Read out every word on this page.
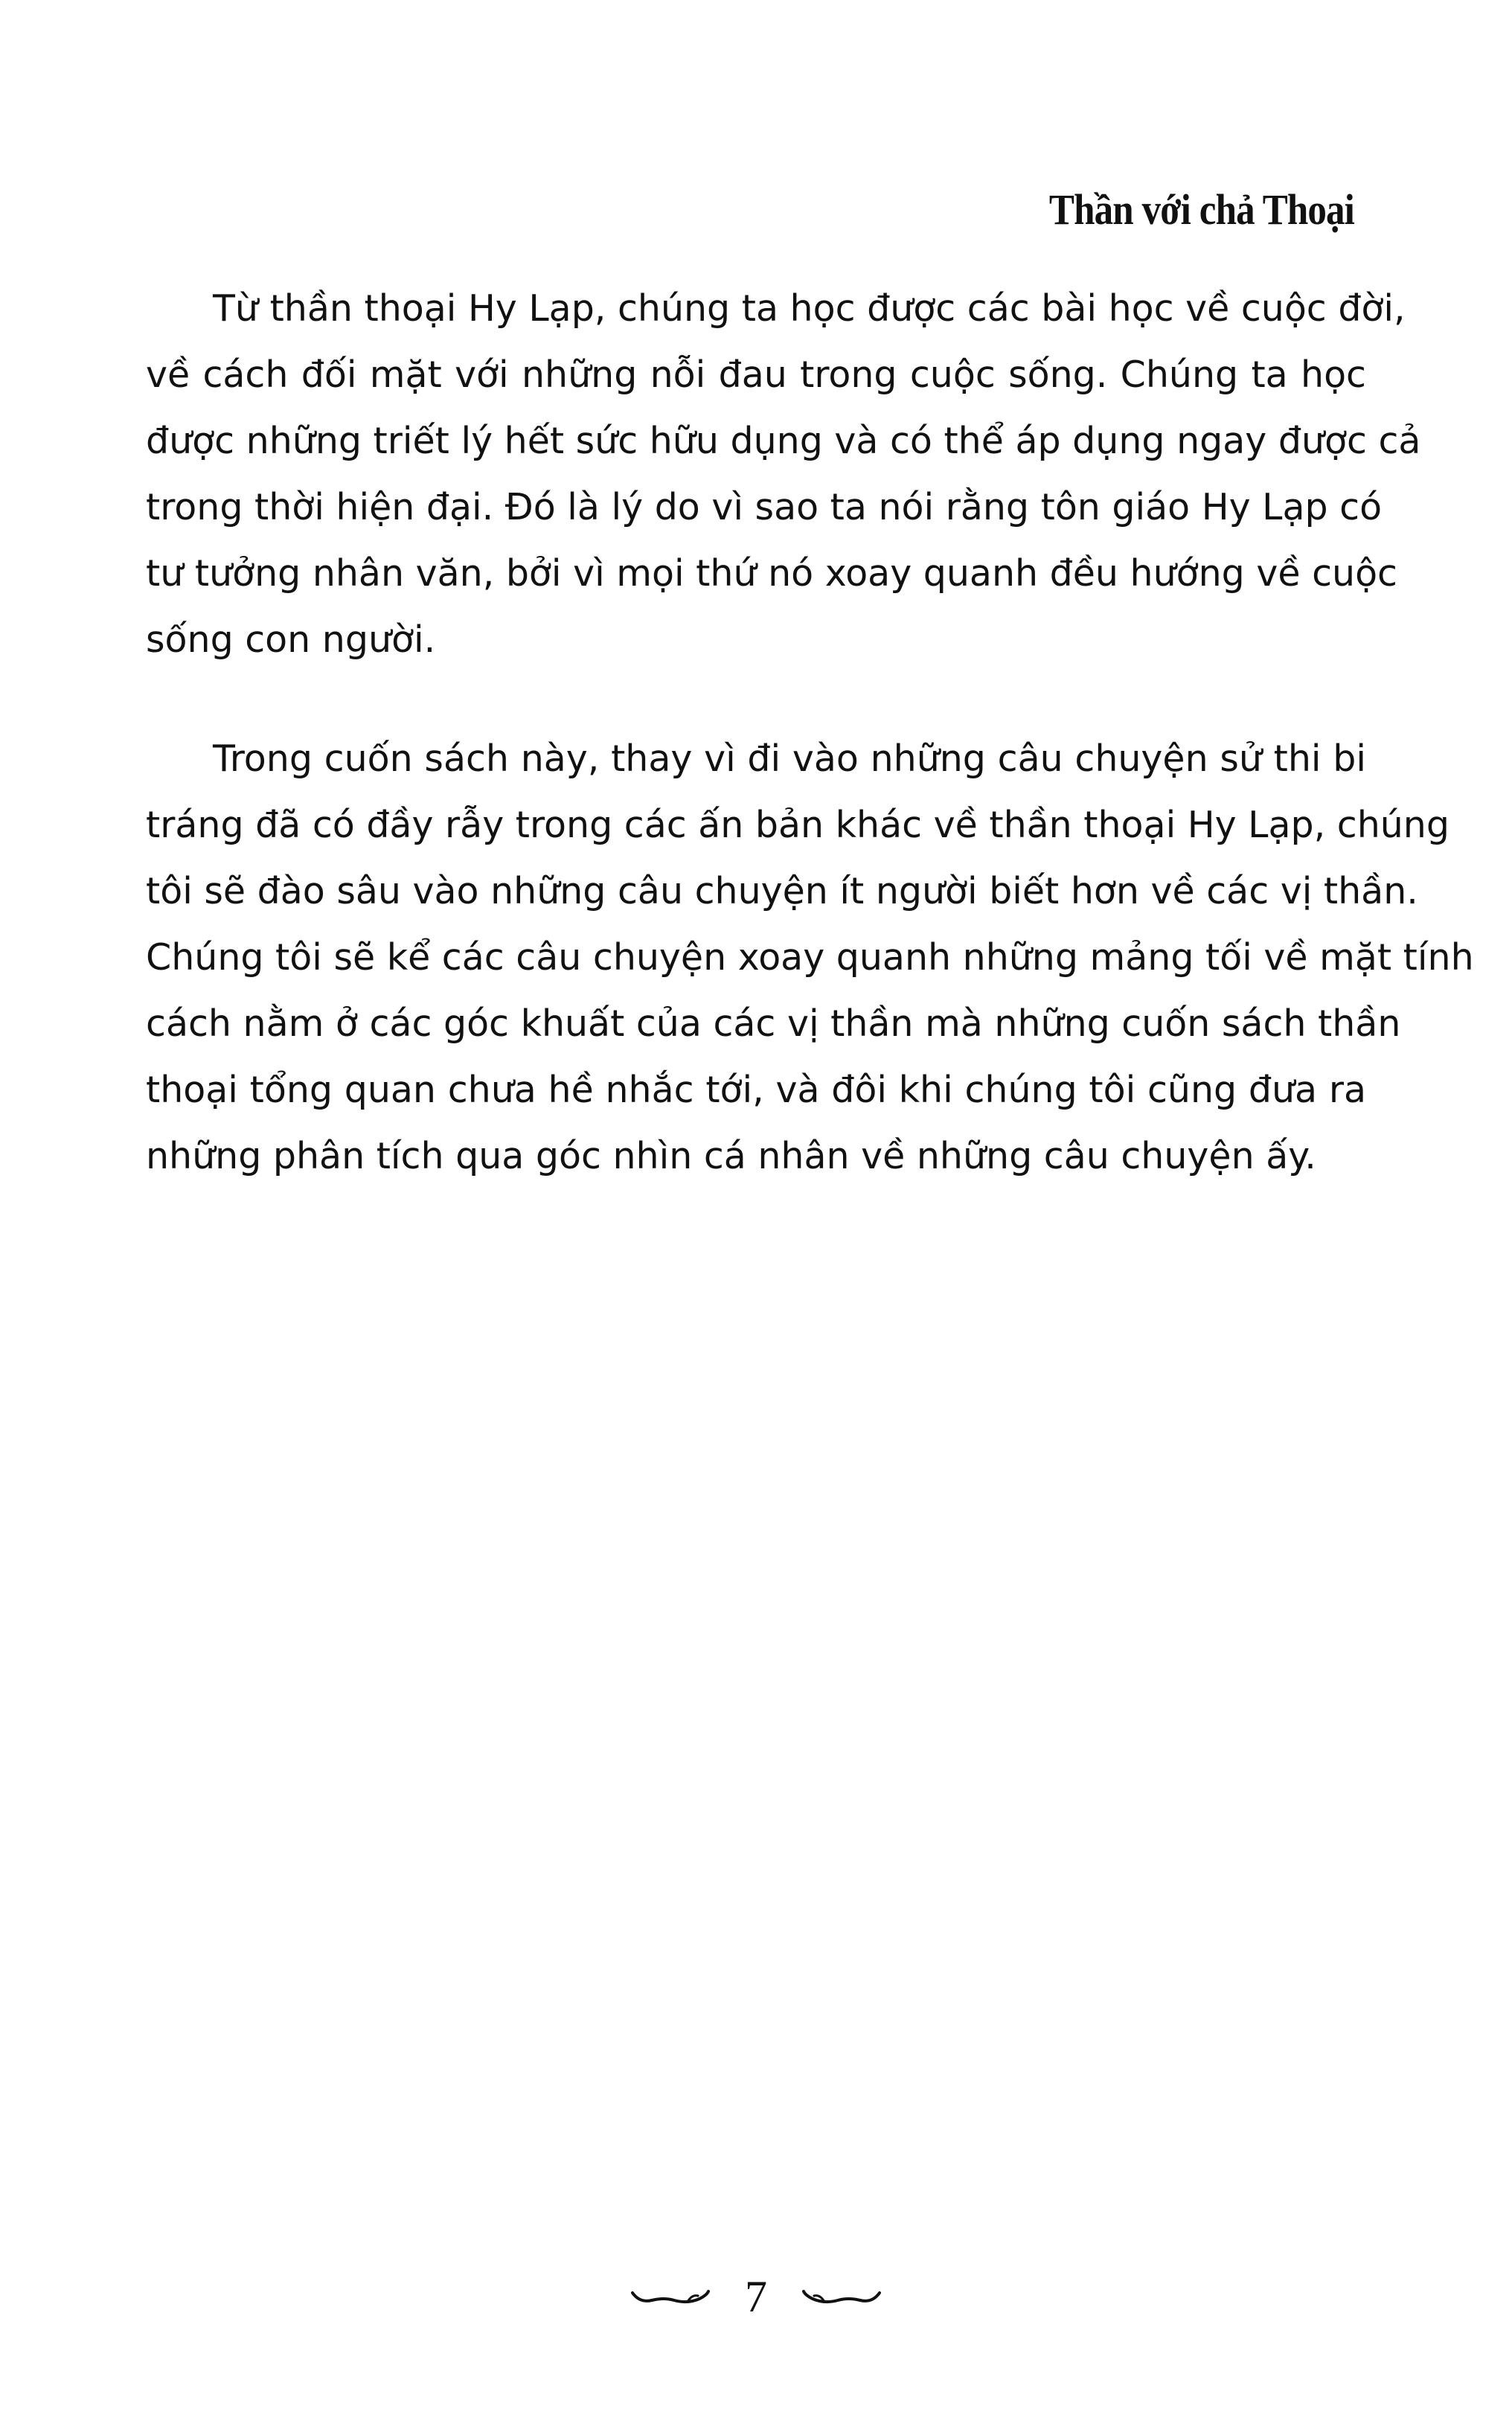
Thần với chả Thoại
Từ thần thoại Hy Lạp, chúng ta học được các bài học về cuộc đời,
về cách đối mặt với những nỗi đau trong cuộc sống. Chúng ta học
được những triết lý hết sức hữu dụng và có thể áp dụng ngay được cả
trong thời hiện đại. Đó là lý do vì sao ta nói rằng tôn giáo Hy Lạp có
tư tưởng nhân văn, bởi vì mọi thứ nó xoay quanh đều hướng về cuộc
sống con người.
Trong cuốn sách này, thay vì đi vào những câu chuyện sử thi bi
tráng đã có đầy rẫy trong các ấn bản khác về thần thoại Hy Lạp, chúng
tôi sẽ đào sâu vào những câu chuyện ít người biết hơn về các vị thần.
Chúng tôi sẽ kể các câu chuyện xoay quanh những mảng tối về mặt tính
cách nằm ở các góc khuất của các vị thần mà những cuốn sách thần
thoại tổng quan chưa hề nhắc tới, và đôi khi chúng tôi cũng đưa ra
những phân tích qua góc nhìn cá nhân về những câu chuyện ấy.
7
